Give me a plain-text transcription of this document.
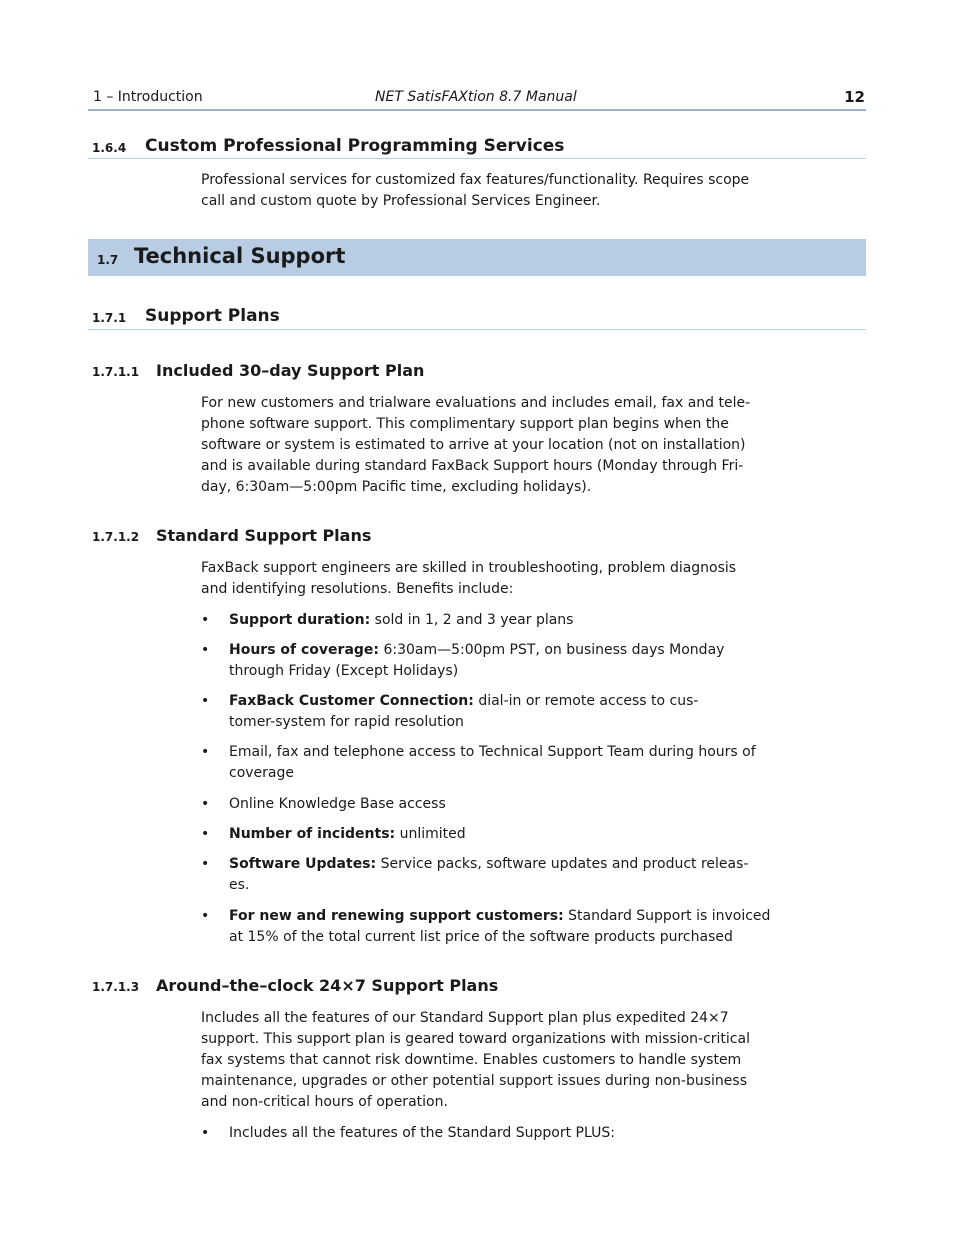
1 – Introduction	NET SatisFAXtion 8.7 Manual	12
1.6.4 Custom Professional Programming Services
Professional services for customized fax features/functionality. Requires scope
call and custom quote by Professional Services Engineer.
1.7 Technical Support
1.7.1 Support Plans
1.7.1.1 Included 30–day Support Plan
For new customers and trialware evaluations and includes email, fax and tele-
phone software support. This complimentary support plan begins when the
software or system is estimated to arrive at your location (not on installation)
and is available during standard FaxBack Support hours (Monday through Fri-
day, 6:30am—5:00pm Pacific time, excluding holidays).
1.7.1.2 Standard Support Plans
FaxBack support engineers are skilled in troubleshooting, problem diagnosis
and identifying resolutions. Benefits include:
• Support duration: sold in 1, 2 and 3 year plans
• Hours of coverage: 6:30am—5:00pm PST, on business days Monday
through Friday (Except Holidays)
• FaxBack Customer Connection: dial-in or remote access to cus-
tomer-system for rapid resolution
• Email, fax and telephone access to Technical Support Team during hours of
coverage
• Online Knowledge Base access
• Number of incidents: unlimited
• Software Updates: Service packs, software updates and product releas-
es.
• For new and renewing support customers: Standard Support is invoiced
at 15% of the total current list price of the software products purchased
1.7.1.3 Around–the–clock 24×7 Support Plans
Includes all the features of our Standard Support plan plus expedited 24×7
support. This support plan is geared toward organizations with mission-critical
fax systems that cannot risk downtime. Enables customers to handle system
maintenance, upgrades or other potential support issues during non-business
and non-critical hours of operation.
• Includes all the features of the Standard Support PLUS:
